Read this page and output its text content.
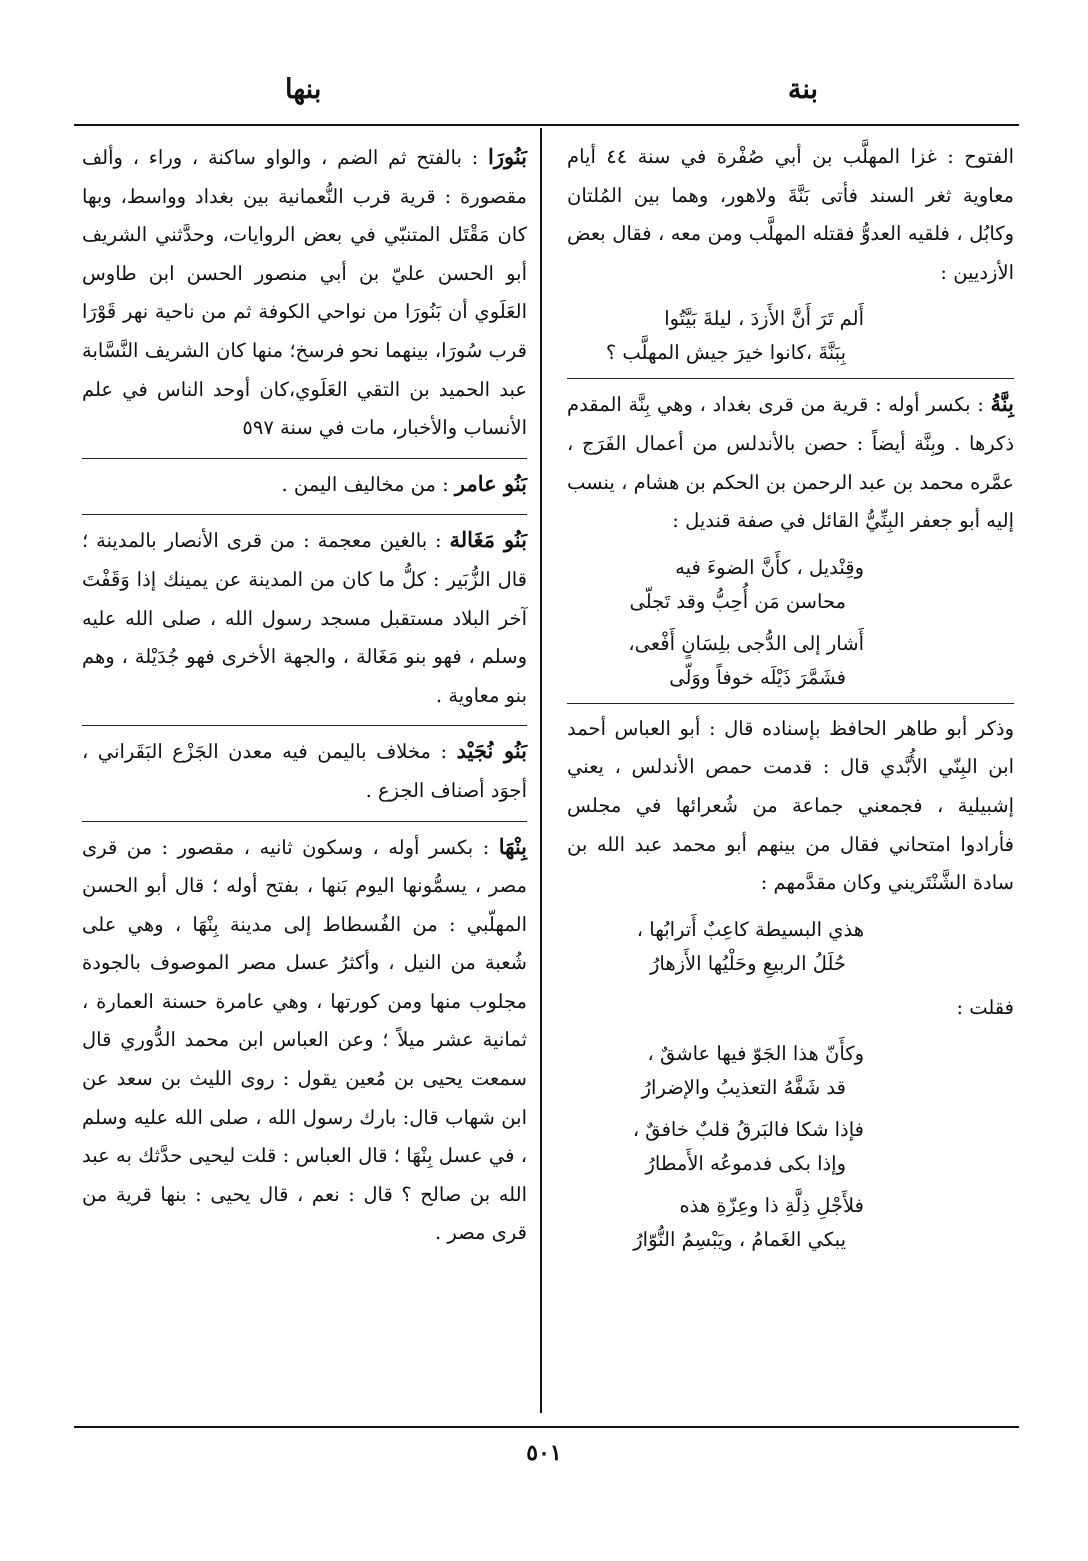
بنة
بنها
الفتوح : غزا المهلَّب بن أبي صُفْرة في سنة ٤٤ أيام معاوية ثغر السند فأتى بَنَّةَ ولاهور، وهما بين المُلتان وكابُل ، فلقيه العدوُّ فقتله المهلَّب ومن معه ، فقال بعض الأزديين :
أَلم تَرَ أَنَّ الأَزدَ ، ليلةَ بَيَّتُوا
بِبَنَّةَ ،كانوا خيرَ جيش المهلَّب ؟
بِنَّةُ : بكسر أوله : قرية من قرى بغداد ، وهي بِنَّة المقدم ذكرها . وبِنَّة أيضاً : حصن بالأندلس من أعمال الفَرَج ، عمَّره محمد بن عبد الرحمن بن الحكم بن هشام ، ينسب إليه أبو جعفر البِنِّيُّ القائل في صفة قنديل :
وقِنْديل ، كأَنَّ الضوءَ فيه
محاسن مَن أُحِبُّ وقد تَجلّى
أَشار إلى الدُّجى بلِسَانٍ أَفْعى،
فشَمَّرَ ذَيْلَه خوفاً ووَلّى
وذكر أبو طاهر الحافظ بإسناده قال : أبو العباس أحمد ابن البِنّي الأُبَّدي قال : قدمت حمص الأندلس ، يعني إشبيلية ، فجمعني جماعة من شُعرائها في مجلس فأرادوا امتحاني فقال من بينهم أبو محمد عبد الله بن سادة الشَّنْتَريني وكان مقدَّمهم :
هذي البسيطة كاعِبٌ أَترابُها ،
حُلَلُ الربيعِ وحَلْيُها الأَزهارُ
فقلت :
وكأَنّ هذا الجَوّ فيها عاشقٌ ،
قد شَفَّهُ التعذيبُ والإضرارُ
فإذا شكا فالبَرقُ قلبٌ خافقٌ ،
وإذا بكى فدموعُه الأَمطارُ
فلأَجْلِ ذِلَّةِ ذا وعِزّةِ هذه
يبكي الغَمامُ ، ويَبْسِمُ النُّوّارُ
بَنُورَا : بالفتح ثم الضم ، والواو ساكنة ، وراء ، وألف مقصورة : قرية قرب النُّعمانية بين بغداد وواسط، وبها كان مَقْتَل المتنبّي في بعض الروايات، وحدَّثني الشريف أبو الحسن عليّ بن أبي منصور الحسن ابن طاوس العَلَوي أن بَنُورَا من نواحي الكوفة ثم من ناحية نهر قَوْرَا قرب سُورَا، بينهما نحو فرسخ؛ منها كان الشريف النَّسَّابة عبد الحميد بن التقي العَلَوي،كان أوحد الناس في علم الأنساب والأخبار، مات في سنة ٥٩٧
بَنُو عامر : من مخاليف اليمن .
بَنُو مَغَالة : بالغين معجمة : من قرى الأنصار بالمدينة ؛ قال الزُّبَير : كلُّ ما كان من المدينة عن يمينك إذا وَقَفْتَ آخر البلاد مستقبل مسجد رسول الله ، صلى الله عليه وسلم ، فهو بنو مَغَالة ، والجهة الأخرى فهو جُدَيْلة ، وهم بنو معاوية .
بَنُو نُجَيْد : مخلاف باليمن فيه معدن الجَزْع البَقَراني ، أجوَد أصناف الجزع .
بِنْهَا : بكسر أوله ، وسكون ثانيه ، مقصور : من قرى مصر ، يسمُّونها اليوم بَنها ، بفتح أوله ؛ قال أبو الحسن المهلّبي : من الفُسطاط إلى مدينة بِنْهَا ، وهي على شُعبة من النيل ، وأكثرُ عسل مصر الموصوف بالجودة مجلوب منها ومن كورتها ، وهي عامرة حسنة العمارة ، ثمانية عشر ميلاً ؛ وعن العباس ابن محمد الدُّوري قال سمعت يحيى بن مُعين يقول : روى الليث بن سعد عن ابن شهاب قال: بارك رسول الله ، صلى الله عليه وسلم ، في عسل بِنْهَا ؛ قال العباس : قلت ليحيى حدَّثك به عبد الله بن صالح ؟ قال : نعم ، قال يحيى : بنها قرية من قرى مصر .
٥٠١
